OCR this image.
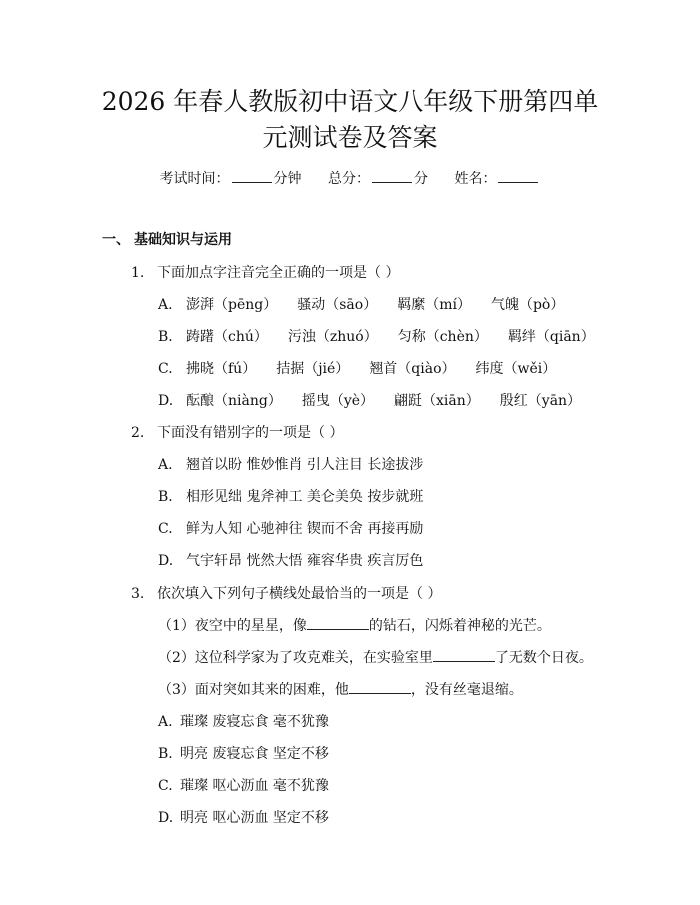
2026 年春人教版初中语文八年级下册第四单
元测试卷及答案
考试时间：	分钟 总分：	分 姓名：
一、 基础知识与运用
1. 下面加点字注音完全正确的一项是（ ）
A. 澎湃（pēng） 骚动（sāo） 羁縻（mí） 气魄（pò）
B. 踌躇（chú） 污浊（zhuó） 匀称（chèn） 羁绊（qiān）
C. 拂晓（fú） 拮据（jié） 翘首（qiào） 纬度（wěi）
D. 酝酿（niàng） 摇曳（yè） 翩跹（xiān） 殷红（yān）
2. 下面没有错别字的一项是（ ）
A. 翘首以盼 惟妙惟肖 引人注目 长途拔涉
B. 相形见绌 鬼斧神工 美仑美奂 按步就班
C. 鲜为人知 心驰神往 锲而不舍 再接再励
D. 气宇轩昂 恍然大悟 雍容华贵 疾言厉色
3. 依次填入下列句子横线处最恰当的一项是（ ）
（1）夜空中的星星，像	的钻石，闪烁着神秘的光芒。
（2）这位科学家为了攻克难关，在实验室里	了无数个日夜。
（3）面对突如其来的困难，他	，没有丝毫退缩。
A. 璀璨 废寝忘食 毫不犹豫
B. 明亮 废寝忘食 坚定不移
C. 璀璨 呕心沥血 毫不犹豫
D. 明亮 呕心沥血 坚定不移
